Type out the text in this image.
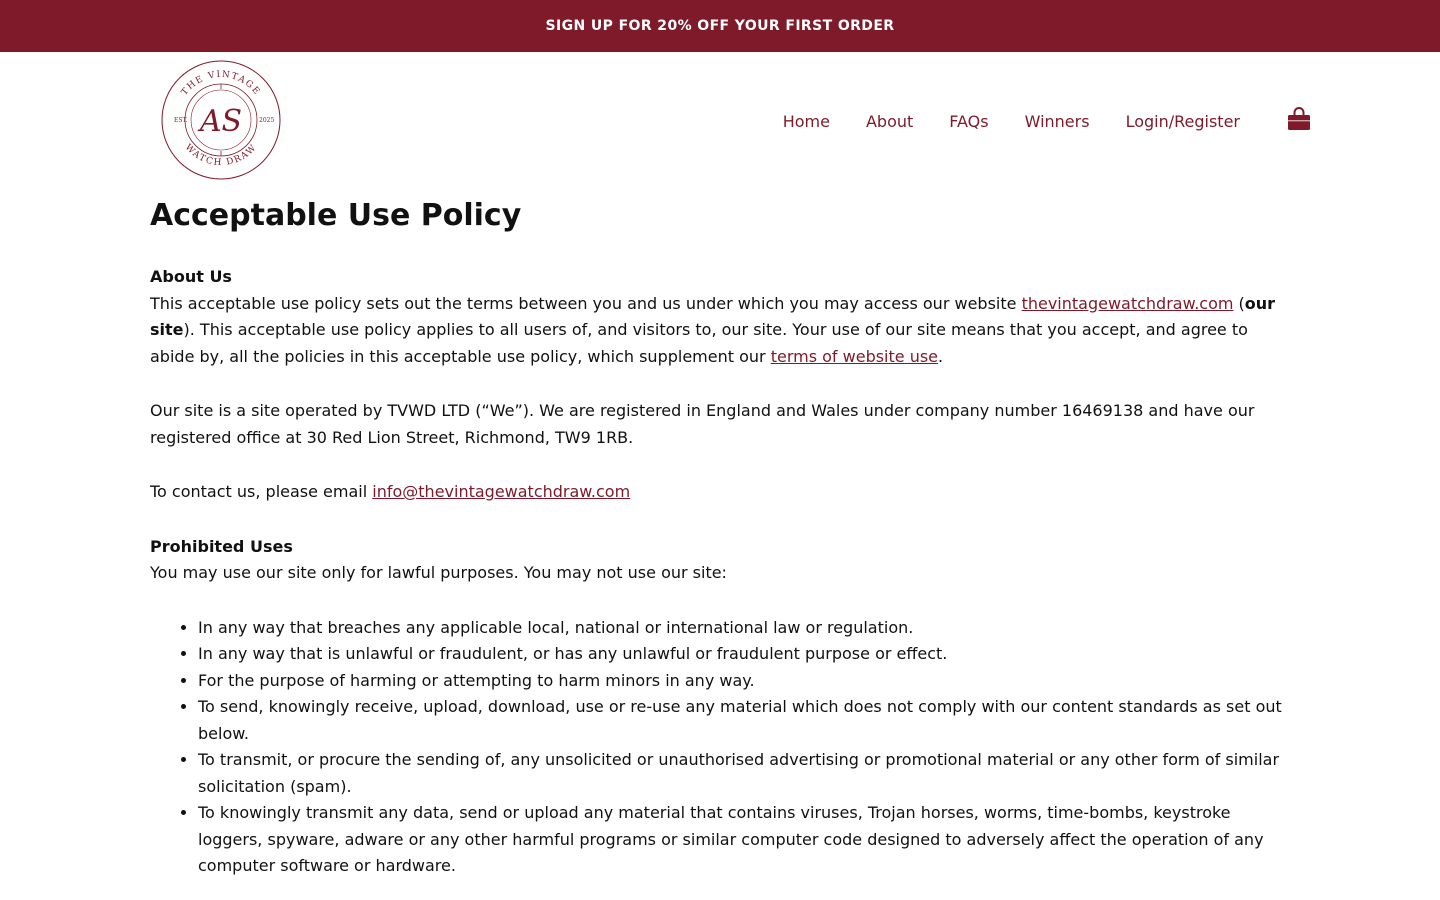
SIGN UP FOR 20% OFF YOUR FIRST ORDER
THE VINTAGE
WATCH DRAW
EST.	2025
AS	Home About FAQs Winners Login/Register
Acceptable Use Policy

About Us
This acceptable use policy sets out the terms between you and us under which you may access our website thevintagewatchdraw.com (our site). This acceptable use policy applies to all users of, and visitors to, our site. Your use of our site means that you accept, and agree to abide by, all the policies in this acceptable use policy, which supplement our terms of website use.

Our site is a site operated by TVWD LTD (“We”). We are registered in England and Wales under company number 16469138 and have our registered office at 30 Red Lion Street, Richmond, TW9 1RB.

To contact us, please email info@thevintagewatchdraw.com

Prohibited Uses
You may use our site only for lawful purposes. You may not use our site:

• In any way that breaches any applicable local, national or international law or regulation.
• In any way that is unlawful or fraudulent, or has any unlawful or fraudulent purpose or effect.
• For the purpose of harming or attempting to harm minors in any way.
• To send, knowingly receive, upload, download, use or re-use any material which does not comply with our content standards as set out below.
• To transmit, or procure the sending of, any unsolicited or unauthorised advertising or promotional material or any other form of similar solicitation (spam).
• To knowingly transmit any data, send or upload any material that contains viruses, Trojan horses, worms, time-bombs, keystroke loggers, spyware, adware or any other harmful programs or similar computer code designed to adversely affect the operation of any computer software or hardware.
